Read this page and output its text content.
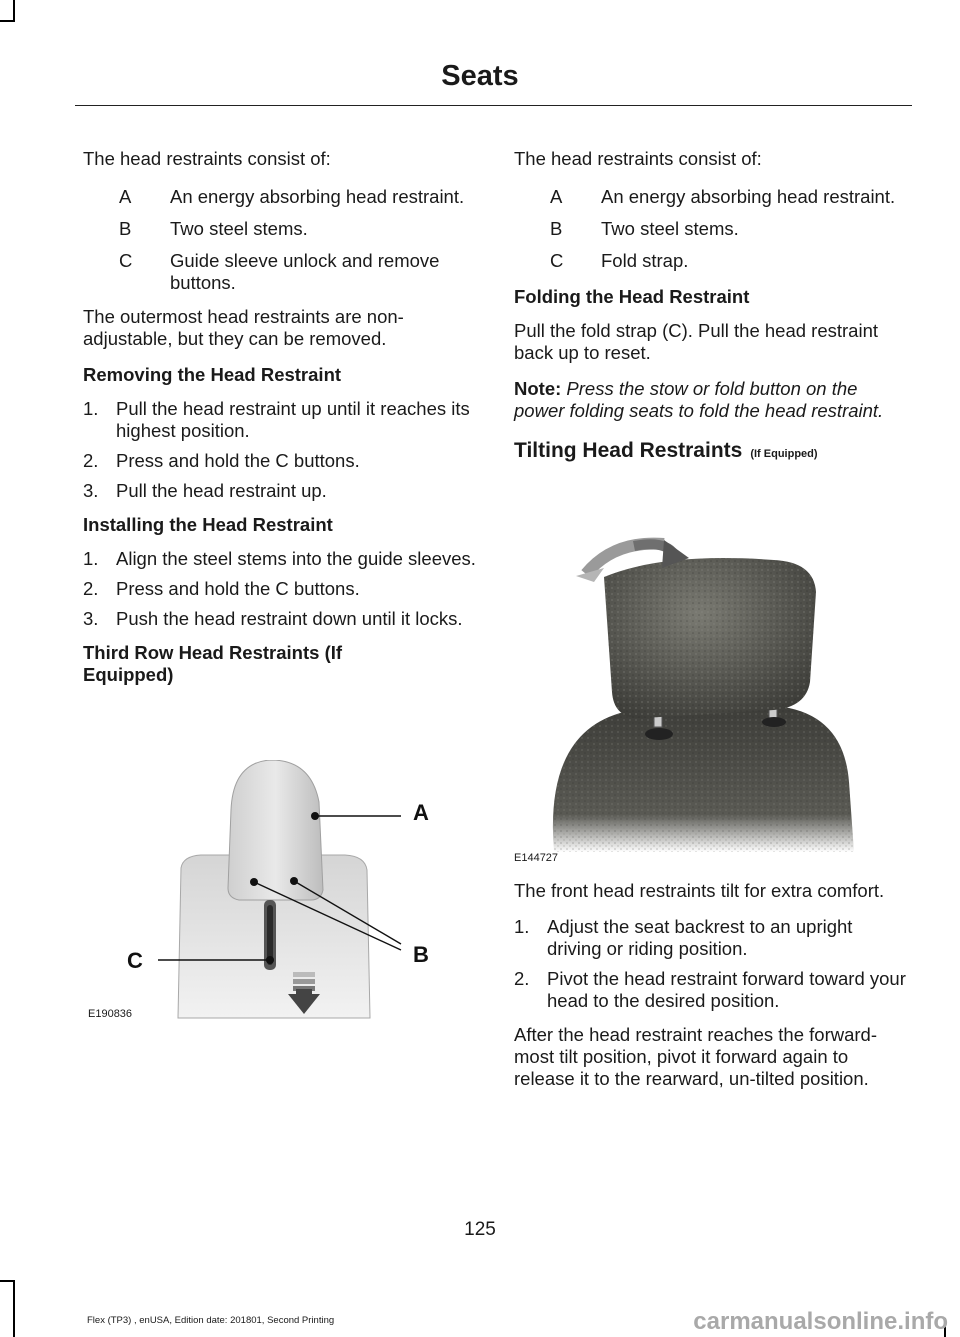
Seats

The head restraints consist of:

A	An energy absorbing head restraint.
B	Two steel stems.
C	Guide sleeve unlock and remove buttons.

The outermost head restraints are non-adjustable, but they can be removed.

Removing the Head Restraint
1. Pull the head restraint up until it reaches its highest position.
2. Press and hold the C buttons.
3. Pull the head restraint up.
Installing the Head Restraint
1. Align the steel stems into the guide sleeves.
2. Press and hold the C buttons.
3. Push the head restraint down until it locks.
Third Row Head Restraints (If Equipped)
A
B
C
E190836

The head restraints consist of:

A	An energy absorbing head restraint.
B	Two steel stems.
C	Fold strap.
Folding the Head Restraint

Pull the fold strap (C). Pull the head restraint back up to reset.

Note: Press the stow or fold button on the power folding seats to fold the head restraint.

Tilting Head Restraints (If Equipped)
E144727

The front head restraints tilt for extra comfort.

1. Adjust the seat backrest to an upright driving or riding position.
2. Pivot the head restraint forward toward your head to the desired position.

After the head restraint reaches the forward-most tilt position, pivot it forward again to release it to the rearward, un-tilted position.

125
Flex (TP3) , enUSA, Edition date: 201801, Second Printing	carmanualsonline.info
